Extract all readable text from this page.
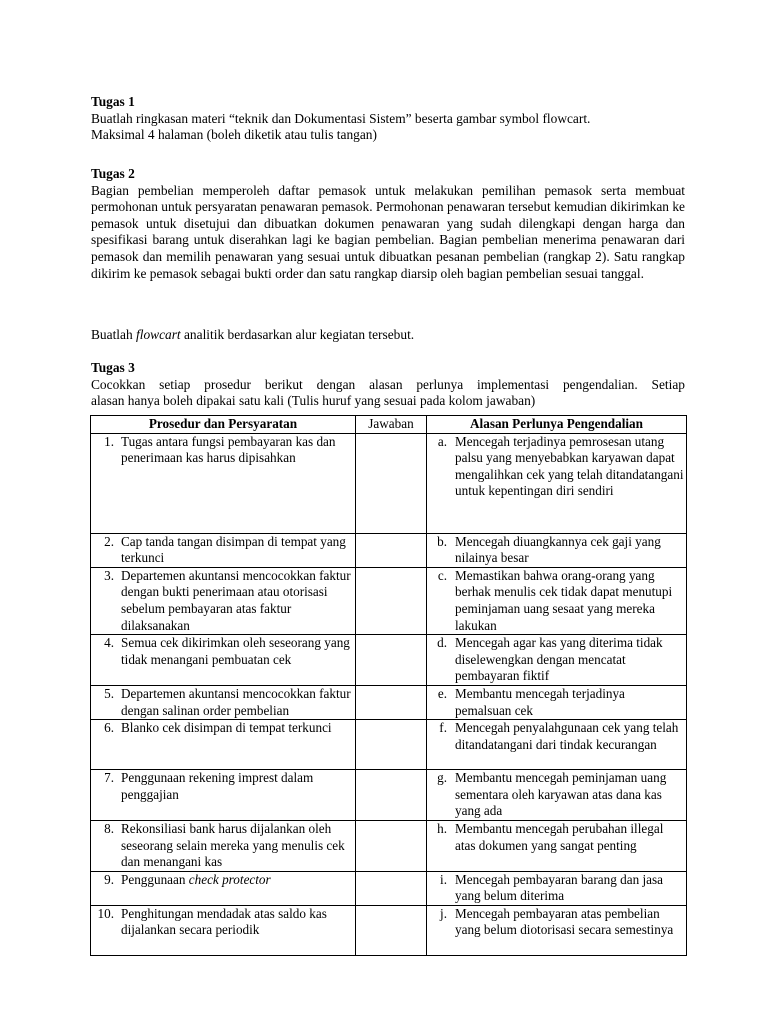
Tugas 1
Buatlah ringkasan materi “teknik dan Dokumentasi Sistem” beserta gambar symbol flowcart.
Maksimal 4 halaman (boleh diketik atau tulis tangan)
Tugas 2
Bagian pembelian memperoleh daftar pemasok untuk melakukan pemilihan pemasok serta membuat permohonan untuk persyaratan penawaran pemasok. Permohonan penawaran tersebut kemudian dikirimkan ke pemasok untuk disetujui dan dibuatkan dokumen penawaran yang sudah dilengkapi dengan harga dan spesifikasi barang untuk diserahkan lagi ke bagian pembelian. Bagian pembelian menerima penawaran dari pemasok dan memilih penawaran yang sesuai untuk dibuatkan pesanan pembelian (rangkap 2). Satu rangkap dikirim ke pemasok sebagai bukti order dan satu rangkap diarsip oleh bagian pembelian sesuai tanggal.
Buatlah flowcart analitik berdasarkan alur kegiatan tersebut.
Tugas 3
Cocokkan setiap prosedur berikut dengan alasan perlunya implementasi pengendalian. Setiap
alasan hanya boleh dipakai satu kali (Tulis huruf yang sesuai pada kolom jawaban)
Prosedur dan Persyaratan	Jawaban	Alasan Perlunya Pengendalian

1. Tugas antara fungsi pembayaran kas dan penerimaan kas harus dipisahkan		a. Mencegah terjadinya pemrosesan utang palsu yang menyebabkan karyawan dapat mengalihkan cek yang telah ditandatangani untuk kepentingan diri sendiri

2. Cap tanda tangan disimpan di tempat yang terkunci		b. Mencegah diuangkannya cek gaji yang nilainya besar

3. Departemen akuntansi mencocokkan faktur dengan bukti penerimaan atau otorisasi sebelum pembayaran atas faktur dilaksanakan		c. Memastikan bahwa orang-orang yang berhak menulis cek tidak dapat menutupi peminjaman uang sesaat yang mereka lakukan

4. Semua cek dikirimkan oleh seseorang yang tidak menangani pembuatan cek		d. Mencegah agar kas yang diterima tidak diselewengkan dengan mencatat pembayaran fiktif

5. Departemen akuntansi mencocokkan faktur dengan salinan order pembelian		e. Membantu mencegah terjadinya pemalsuan cek

6. Blanko cek disimpan di tempat terkunci		f. Mencegah penyalahgunaan cek yang telah ditandatangani dari tindak kecurangan

7. Penggunaan rekening imprest dalam penggajian		g. Membantu mencegah peminjaman uang sementara oleh karyawan atas dana kas yang ada

8. Rekonsiliasi bank harus dijalankan oleh seseorang selain mereka yang menulis cek dan menangani kas		h. Membantu mencegah perubahan illegal atas dokumen yang sangat penting

9. Penggunaan check protector		i. Mencegah pembayaran barang dan jasa yang belum diterima

10. Penghitungan mendadak atas saldo kas dijalankan secara periodik		j. Mencegah pembayaran atas pembelian yang belum diotorisasi secara semestinya
